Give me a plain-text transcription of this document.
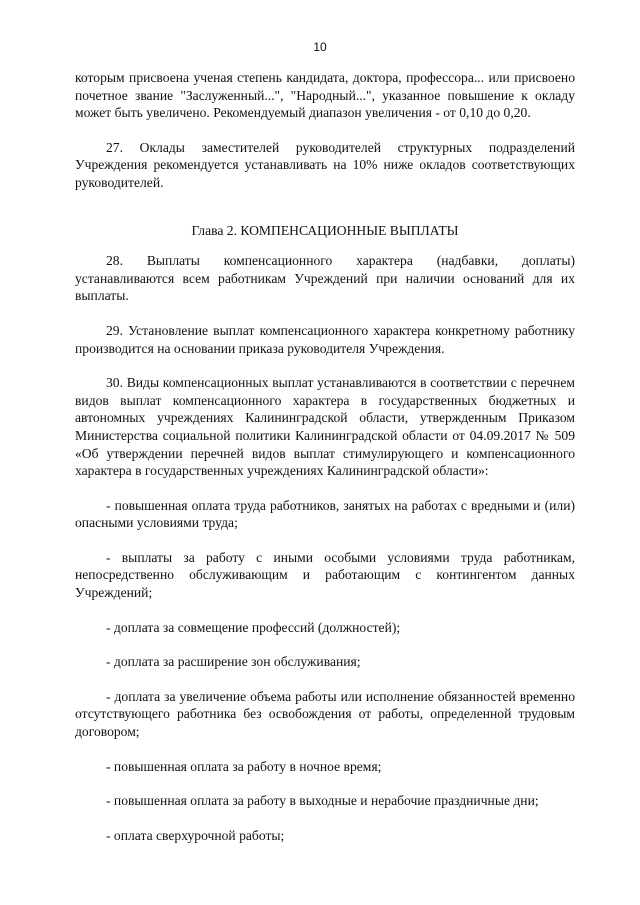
10

которым присвоена ученая степень кандидата, доктора, профессора... или присвоено почетное звание "Заслуженный...", "Народный...", указанное повышение к окладу может быть увеличено. Рекомендуемый диапазон увеличения - от 0,10 до 0,20.

27. Оклады заместителей руководителей структурных подразделений Учреждения рекомендуется устанавливать на 10% ниже окладов соответствующих руководителей.

Глава 2. КОМПЕНСАЦИОННЫЕ ВЫПЛАТЫ

28. Выплаты компенсационного характера (надбавки, доплаты) устанавливаются всем работникам Учреждений при наличии оснований для их выплаты.

29. Установление выплат компенсационного характера конкретному работнику производится на основании приказа руководителя Учреждения.

30. Виды компенсационных выплат устанавливаются в соответствии с перечнем видов выплат компенсационного характера в государственных бюджетных и автономных учреждениях Калининградской области, утвержденным Приказом Министерства социальной политики Калининградской области от 04.09.2017 № 509 «Об утверждении перечней видов выплат стимулирующего и компенсационного характера в государственных учреждениях Калининградской области»:

- повышенная оплата труда работников, занятых на работах с вредными и (или) опасными условиями труда;

- выплаты за работу с иными особыми условиями труда работникам, непосредственно обслуживающим и работающим с контингентом данных Учреждений;

- доплата за совмещение профессий (должностей);

- доплата за расширение зон обслуживания;

- доплата за увеличение объема работы или исполнение обязанностей временно отсутствующего работника без освобождения от работы, определенной трудовым договором;

- повышенная оплата за работу в ночное время;

- повышенная оплата за работу в выходные и нерабочие праздничные дни;

- оплата сверхурочной работы;
